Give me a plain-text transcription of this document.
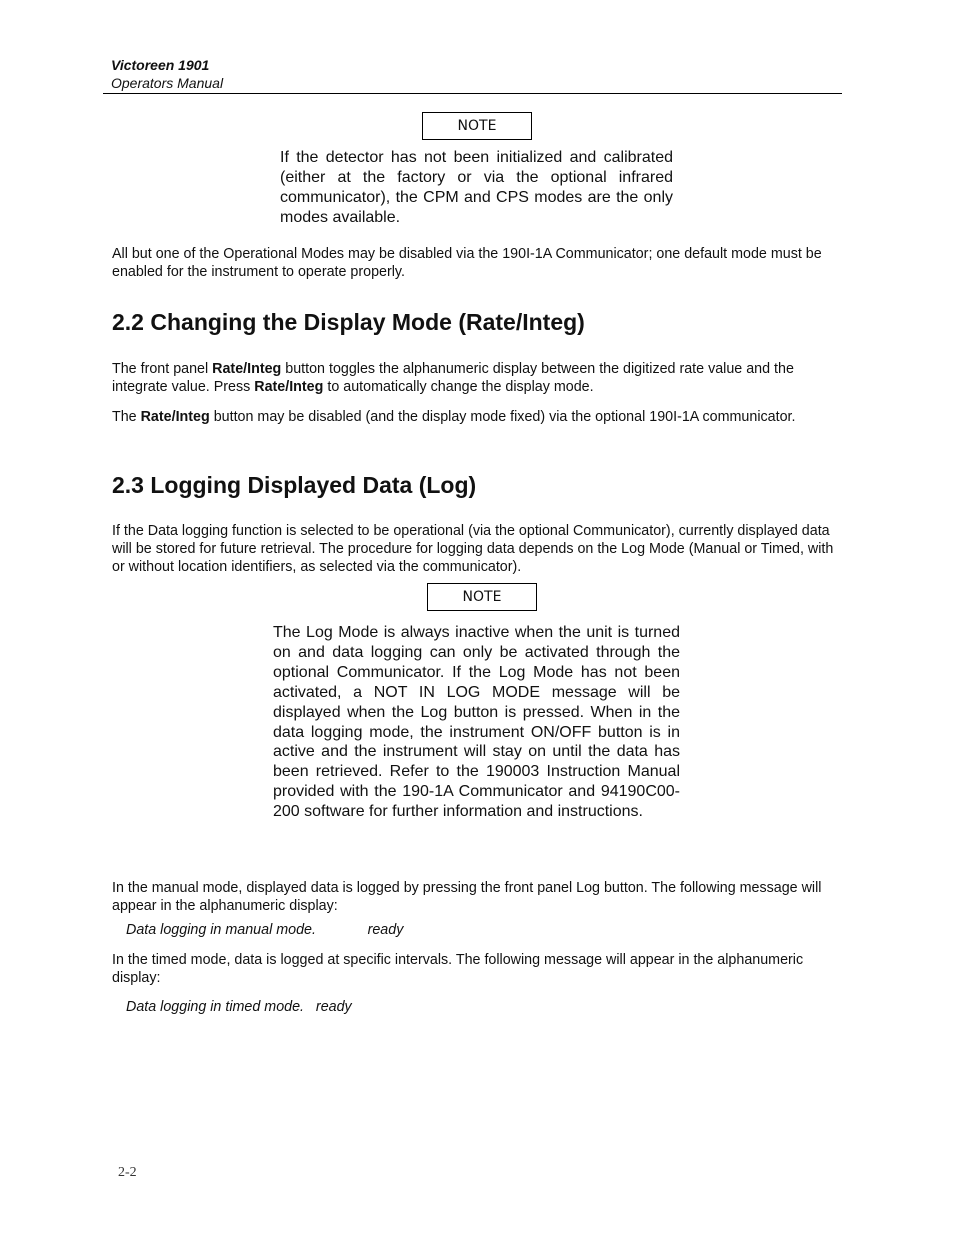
Victoreen 1901
Operators Manual
NOTE
If the detector has not been initialized and calibrated (either at the factory or via the optional infrared communicator), the CPM and CPS modes are the only modes available.

All but one of the Operational Modes may be disabled via the 190I-1A Communicator; one default mode must be enabled for the instrument to operate properly.

2.2 Changing the Display Mode (Rate/Integ)

The front panel Rate/Integ button toggles the alphanumeric display between the digitized rate value and the integrate value. Press Rate/Integ to automatically change the display mode.

The Rate/Integ button may be disabled (and the display mode fixed) via the optional 190I-1A communicator.

2.3 Logging Displayed Data (Log)

If the Data logging function is selected to be operational (via the optional Communicator), currently displayed data will be stored for future retrieval. The procedure for logging data depends on the Log Mode (Manual or Timed, with or without location identifiers, as selected via the communicator).

NOTE
The Log Mode is always inactive when the unit is turned on and data logging can only be activated through the optional Communicator. If the Log Mode has not been activated, a NOT IN LOG MODE message will be displayed when the Log button is pressed. When in the data logging mode, the instrument ON/OFF button is in active and the instrument will stay on until the data has been retrieved. Refer to the 190003 Instruction Manual provided with the 190-1A Communicator and 94190C00-200 software for further information and instructions.

In the manual mode, displayed data is logged by pressing the front panel Log button. The following message will appear in the alphanumeric display:

Data logging in manual mode.             ready

In the timed mode, data is logged at specific intervals. The following message will appear in the alphanumeric display:

Data logging in timed mode.   ready
2-2
